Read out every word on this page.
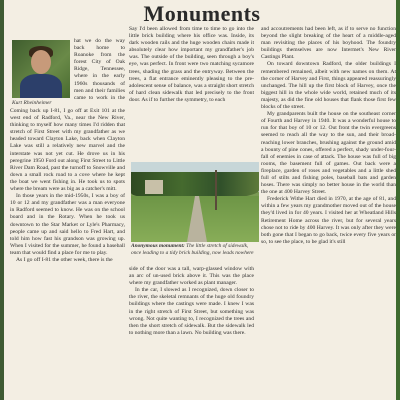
Monuments
Kurt Rheinheimer

Coming back up I-81, I go off at Exit 101 at the west end of Radford, Va., near the New River, thinking to myself how many times I'd ridden that stretch of First Street with my grandfather as we headed toward Clayton Lake, back when Clayton Lake was still a relatively new marvel and the interstate was not yet cut. He drove us in his peregrine 1950 Ford out along First Street to Little River Dam Road, past the turnoff to Snowville and down a small rock road to a cove where he kept the boat we went fishing in. He took us to spots where the bream were as big as a catcher's mitt.

In those years in the mid-1950s, I was a boy of 10 or 12 and my grandfather was a man everyone in Radford seemed to know. He was on the school board and in the Rotary. When he took us downtown to the Star Market or Lyle's Pharmacy, people came up and said hello to Fred Hart, and told him how fast his grandson was growing up. When I visited for the summer, he found a baseball team that would find a place for me to play.

As I go off I-81 the other week, there is the

hat we do the way back home to Roanoke from the forest City of Oak Ridge, Tennessee, where in the early 1960s thousands of men and their families came to work in the

Say I'd been allowed from time to time to go into the little brick building where his office was. Inside, its dark wooden rails and the huge wooden chairs made it absolutely clear how important my grandfather's job was. The outside of the building, seen through a boy's eye, was perfect. In front were two matching sycamore trees, shading the grass and the entryway. Between the trees, a flat entrance eminently pleasing to the pre-adolescent sense of balance, was a straight short stretch of hard clean sidewalk that led precisely to the front door. As if to further the symmetry, to each

Anonymous monument: The little stretch of sidewalk, once leading to a tidy brick building, now leads nowhere

side of the door was a tall, warp-glassed window with an arc of un-used brick above it. This was the place where my grandfather worked as plant manager.

In the car, I slowed as I recognized, down closer to the river, the skeletal remnants of the huge old foundry buildings where the castings were made. I knew I was in the right stretch of First Street, but something was wrong. Not quite wanting to, I recognized the trees and then the short stretch of sidewalk. But the sidewalk led to nothing more than a lawn. No building was there.

and accoutrements had been left, as if to serve no function beyond the slight breaking of the heart of a middle-aged man revisiting the places of his boyhood. The foundry buildings themselves are now Intermet's New River Castings Plant.

On toward downtown Radford, the older buildings I remembered remained, albeit with new names on them. At the corner of Harvey and First, things appeared reassuringly unchanged. The hill up the first block of Harvey, once the biggest hill in the whole wide world, retained much of its majesty, as did the fine old houses that flank those first few blocks of the street.

My grandparents built the house on the southeast corner of Fourth and Harvey in 1940. It was a wonderful house to run for that boy of 10 or 12. Out front the twin evergreens seemed to reach all the way to the sun, and their broad-reaching lower branches, brushing against the ground amid a bounty of pine cones, offered a perfect, shady under-four-fall of enemies in case of attack. The house was full of big rooms, the basement full of games. Out back were a fireplace, garden of roses and vegetables and a little shed full of stilts and fishing poles, baseball bats and garden hoses. There was simply no better house in the world than the one at 400 Harvey Street.

Frederick Withe Hart died in 1970, at the age of 81, and within a few years my grandmother moved out of the house they'd lived in for 40 years. I visited her at Wheatland Hills Retirement Home across the river, but for several years chose not to ride by 400 Harvey. It was only after they were both gone that I began to go back, twice every five years or so, to see the place, to be glad it's still
